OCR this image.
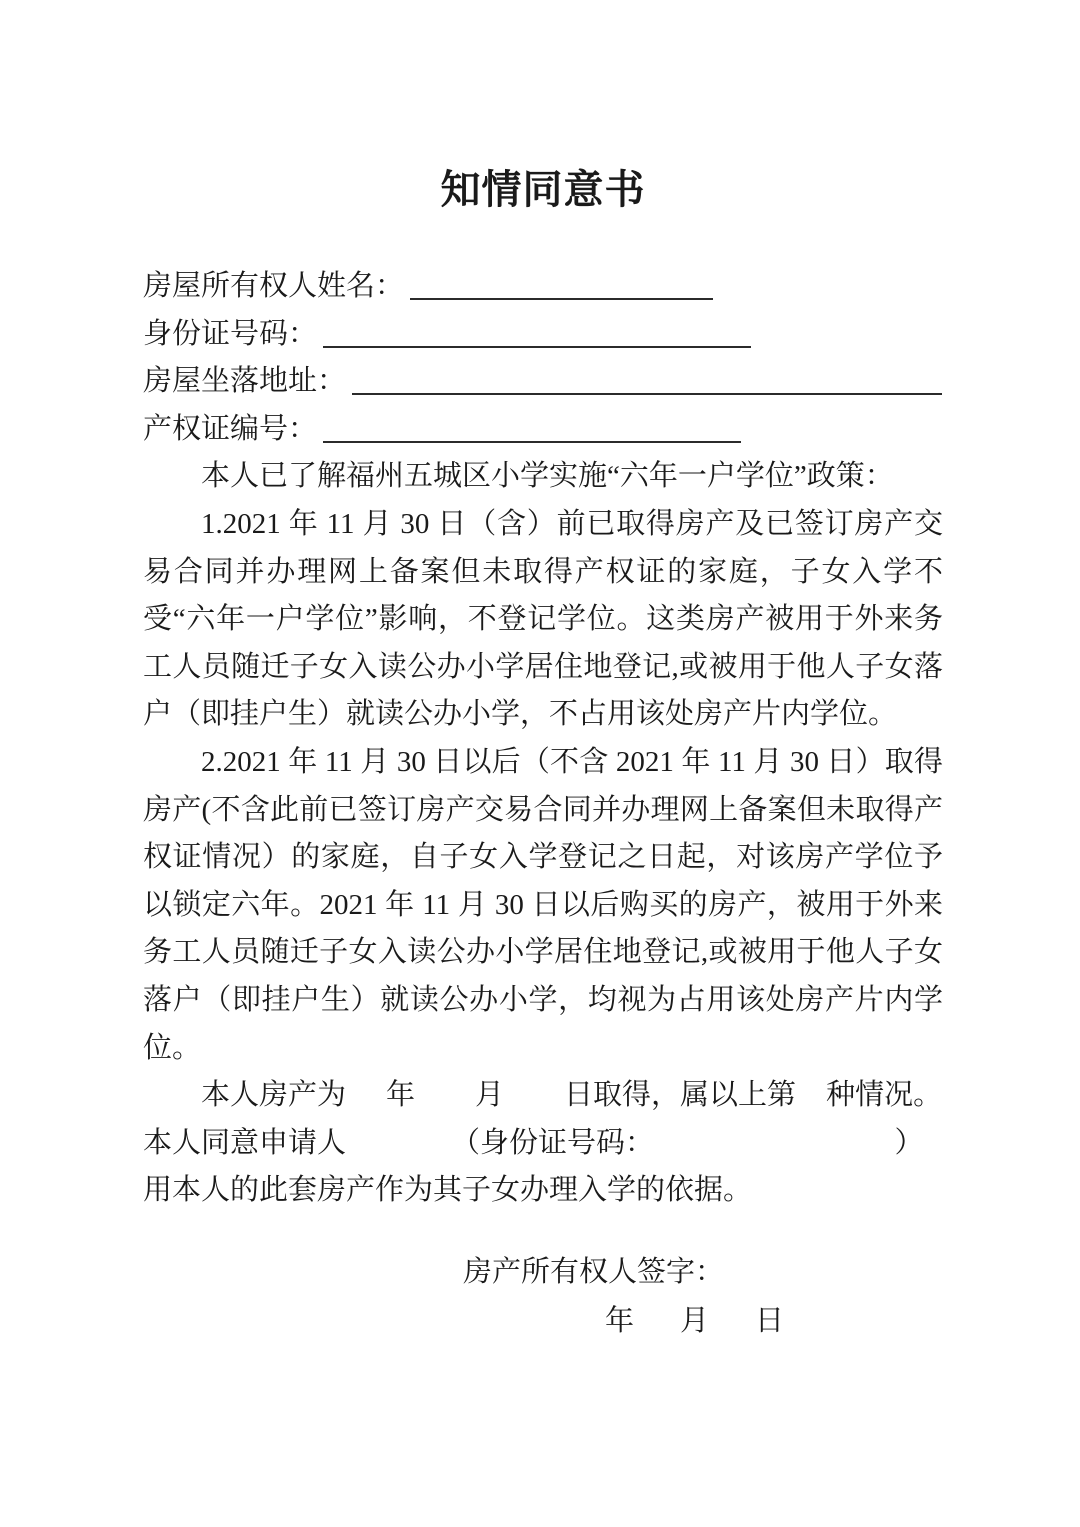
知情同意书
房屋所有权人姓名：
身份证号码：
房屋坐落地址：
产权证编号：

本人已了解福州五城区小学实施“六年一户学位”政策：

1.2021 年 11 月 30 日（含）前已取得房产及已签订房产交易合同并办理网上备案但未取得产权证的家庭，子女入学不受“六年一户学位”影响，不登记学位。这类房产被用于外来务工人员随迁子女入读公办小学居住地登记,或被用于他人子女落户（即挂户生）就读公办小学，不占用该处房产片内学位。

2.2021 年 11 月 30 日以后（不含 2021 年 11 月 30 日）取得房产(不含此前已签订房产交易合同并办理网上备案但未取得产权证情况）的家庭，自子女入学登记之日起，对该房产学位予以锁定六年。2021 年 11 月 30 日以后购买的房产，被用于外来务工人员随迁子女入读公办小学居住地登记,或被用于他人子女落户（即挂户生）就读公办小学，均视为占用该处房产片内学位。

本人房产为 年 月 日取得，属以上第 种情况。
本人同意申请人	（身份证号码：	）

用本人的此套房产作为其子女办理入学的依据。

房产所有权人签字：
年 月 日
